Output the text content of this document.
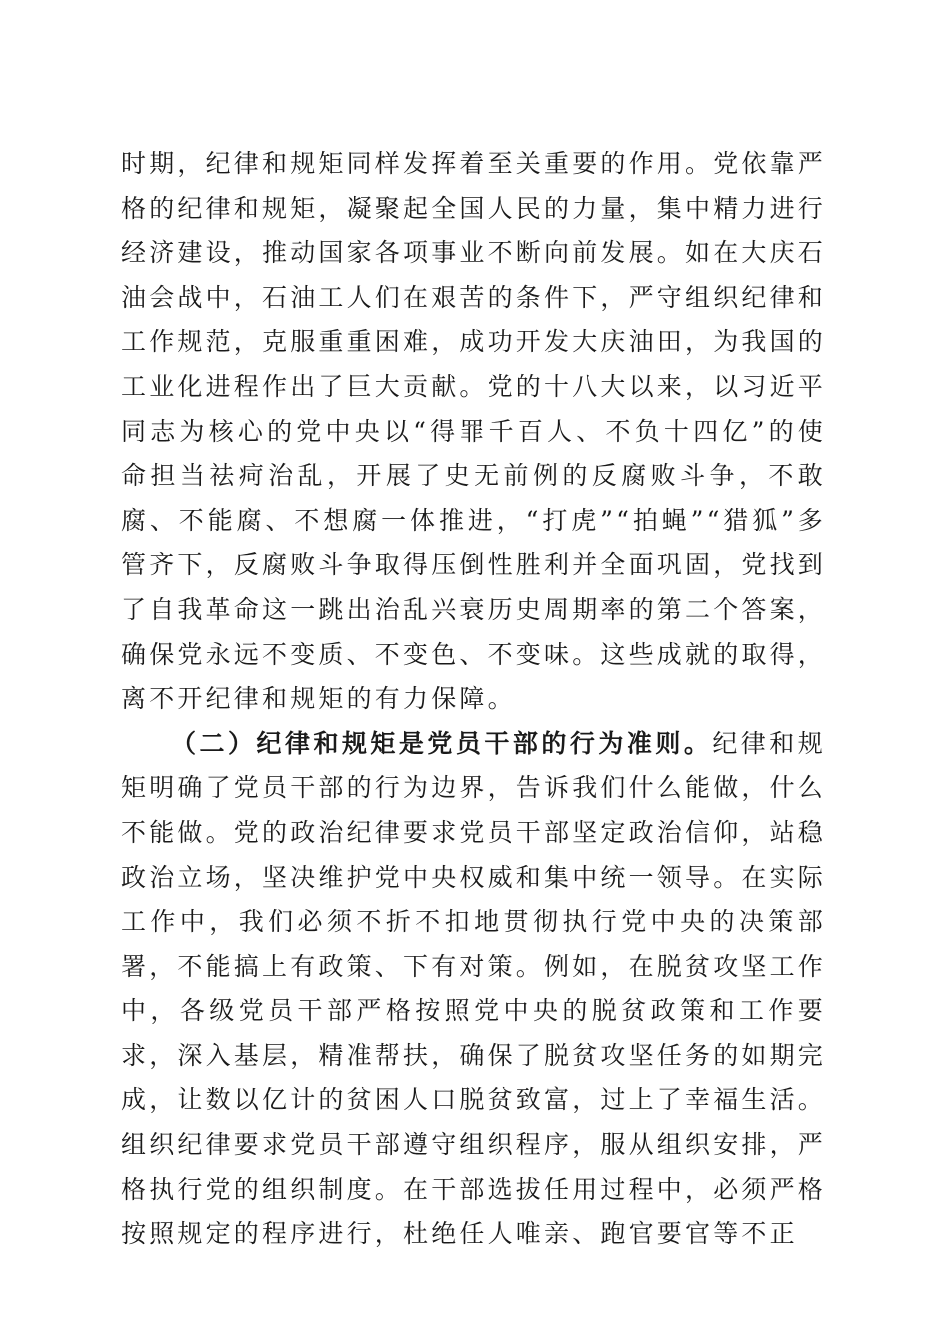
时期，纪律和规矩同样发挥着至关重要的作用。党依靠严格的纪律和规矩，凝聚起全国人民的力量，集中精力进行经济建设，推动国家各项事业不断向前发展。如在大庆石油会战中，石油工人们在艰苦的条件下，严守组织纪律和工作规范，克服重重困难，成功开发大庆油田，为我国的工业化进程作出了巨大贡献。党的十八大以来，以习近平同志为核心的党中央以“得罪千百人、不负十四亿”的使命担当祛疴治乱，开展了史无前例的反腐败斗争，不敢腐、不能腐、不想腐一体推进，“打虎”“拍蝇”“猎狐”多管齐下，反腐败斗争取得压倒性胜利并全面巩固，党找到了自我革命这一跳出治乱兴衰历史周期率的第二个答案，确保党永远不变质、不变色、不变味。这些成就的取得，离不开纪律和规矩的有力保障。

（二）纪律和规矩是党员干部的行为准则。纪律和规矩明确了党员干部的行为边界，告诉我们什么能做，什么不能做。党的政治纪律要求党员干部坚定政治信仰，站稳政治立场，坚决维护党中央权威和集中统一领导。在实际工作中，我们必须不折不扣地贯彻执行党中央的决策部署，不能搞上有政策、下有对策。例如，在脱贫攻坚工作中，各级党员干部严格按照党中央的脱贫政策和工作要求，深入基层，精准帮扶，确保了脱贫攻坚任务的如期完成，让数以亿计的贫困人口脱贫致富，过上了幸福生活。组织纪律要求党员干部遵守组织程序，服从组织安排，严格执行党的组织制度。在干部选拔任用过程中，必须严格按照规定的程序进行，杜绝任人唯亲、跑官要官等不正
